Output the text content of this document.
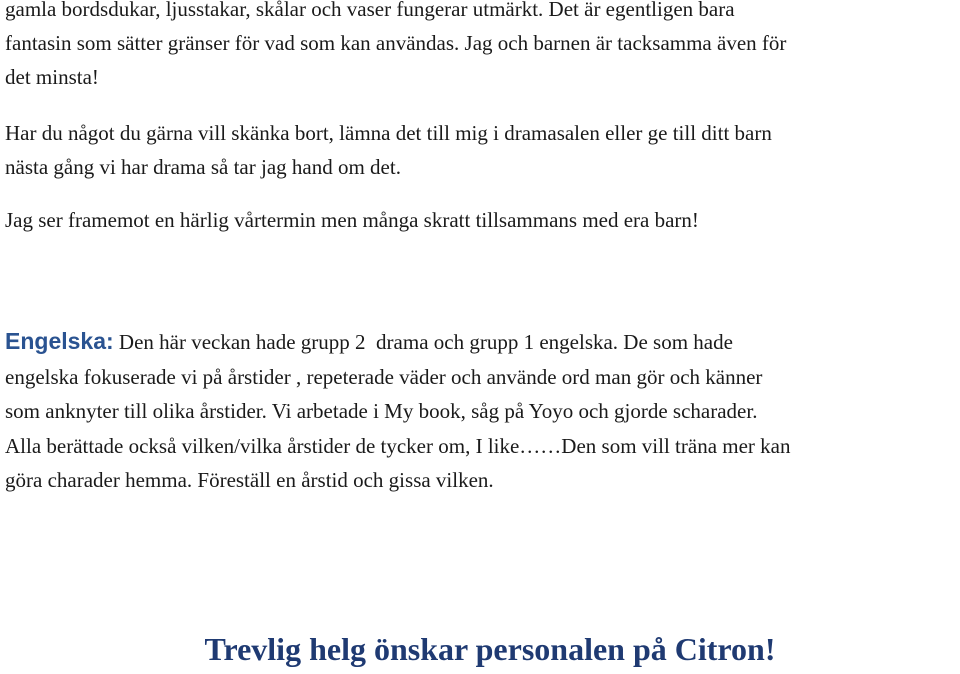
gamla bordsdukar, ljusstakar, skålar och vaser fungerar utmärkt. Det är egentligen bara
fantasin som sätter gränser för vad som kan användas. Jag och barnen är tacksamma även för
det minsta!

Har du något du gärna vill skänka bort, lämna det till mig i dramasalen eller ge till ditt barn
nästa gång vi har drama så tar jag hand om det.

Jag ser framemot en härlig vårtermin men många skratt tillsammans med era barn!

Engelska: Den här veckan hade grupp 2  drama och grupp 1 engelska. De som hade
engelska fokuserade vi på årstider , repeterade väder och använde ord man gör och känner
som anknyter till olika årstider. Vi arbetade i My book, såg på Yoyo och gjorde scharader.
Alla berättade också vilken/vilka årstider de tycker om, I like……Den som vill träna mer kan
göra charader hemma. Föreställ en årstid och gissa vilken.

Trevlig helg önskar personalen på Citron!
